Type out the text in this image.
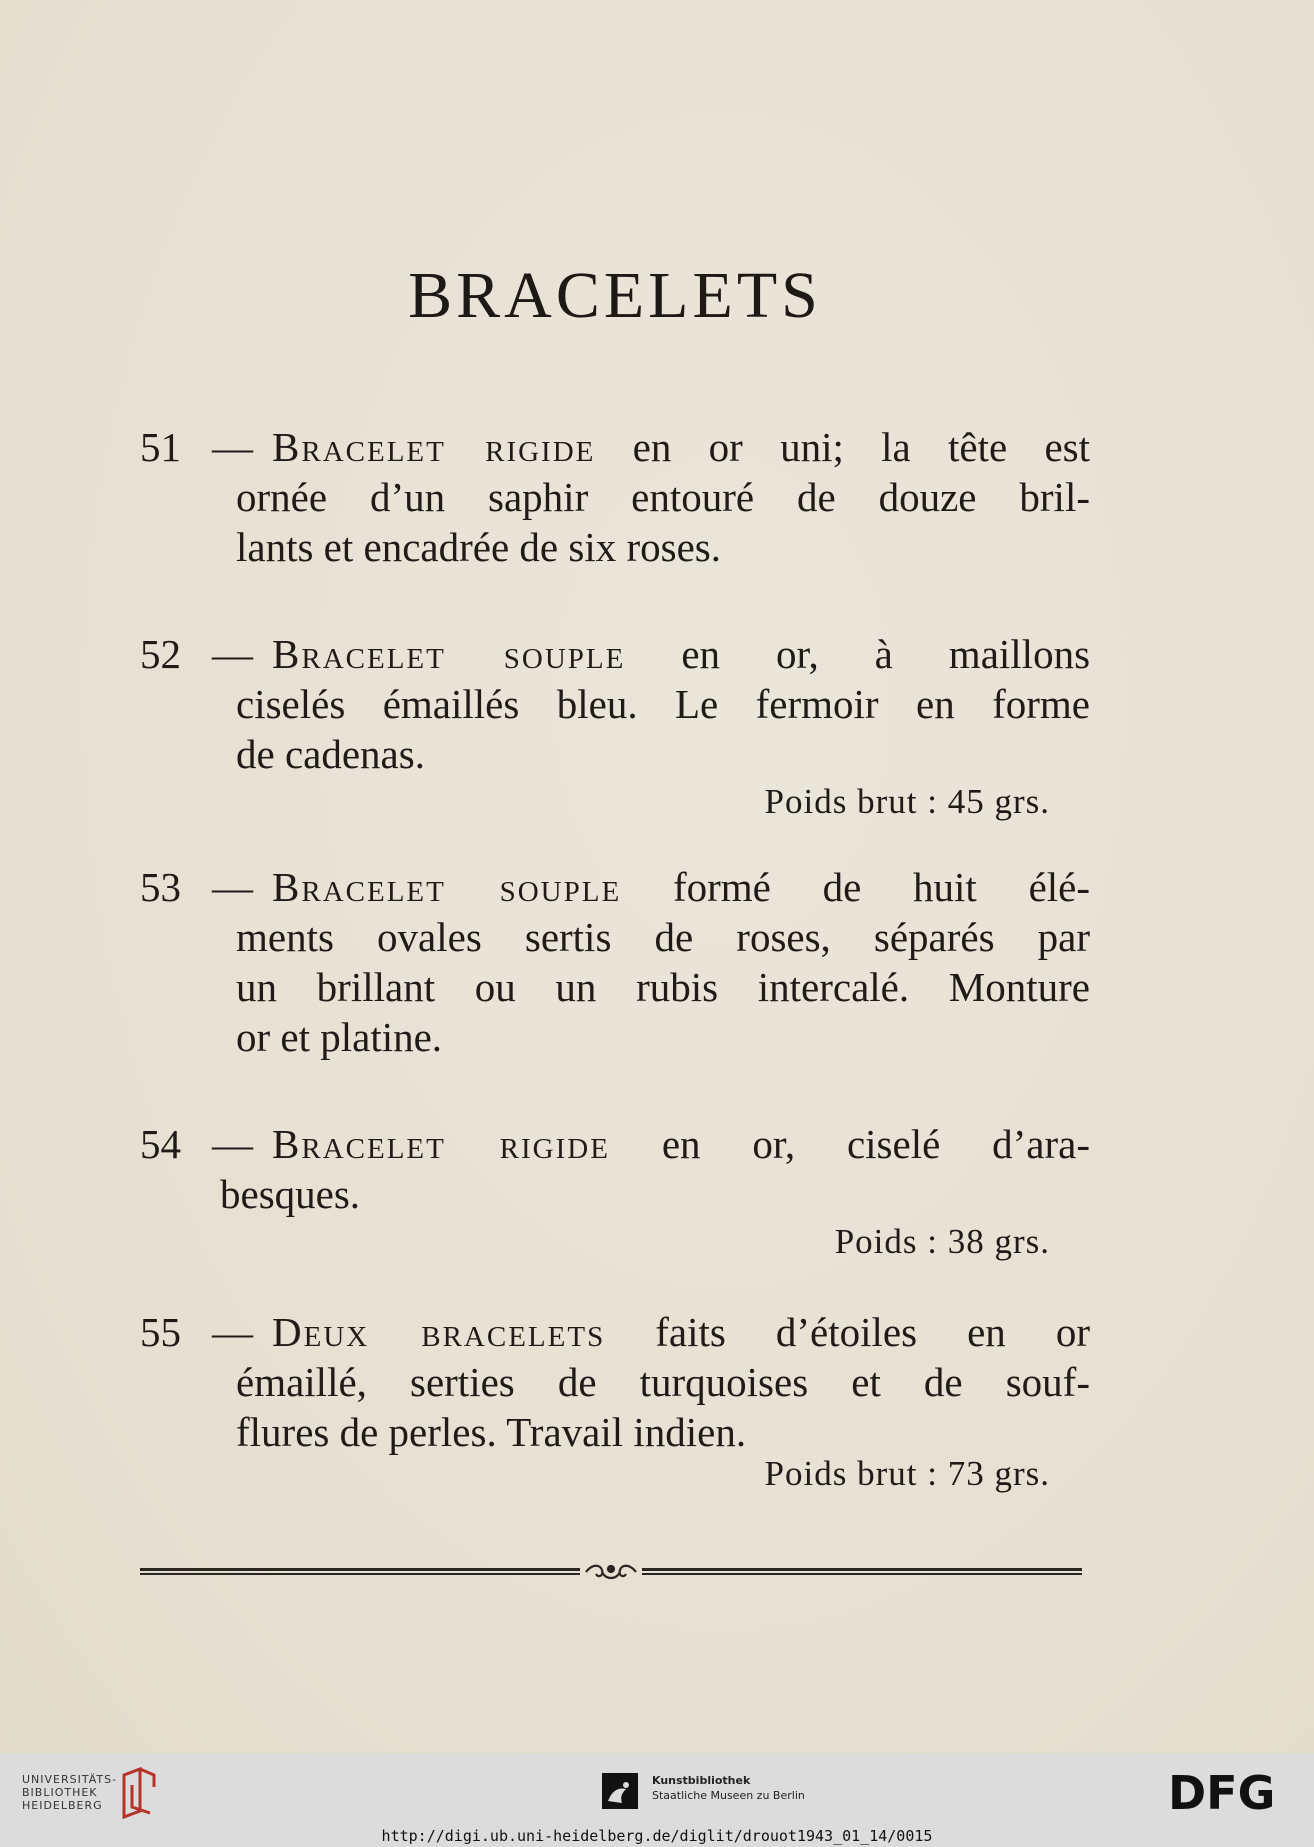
BRACELETS
51 — Bracelet rigide en or uni; la tête est
ornée d’un saphir entouré de douze bril-
lants et encadrée de six roses.
52 — Bracelet souple en or, à maillons
ciselés émaillés bleu. Le fermoir en forme
de cadenas.
Poids brut : 45 grs.
53 — Bracelet souple formé de huit élé-
ments ovales sertis de roses, séparés par
un brillant ou un rubis intercalé. Monture
or et platine.
54 — Bracelet rigide en or, ciselé d’ara-
besques.
Poids : 38 grs.
55 — Deux bracelets faits d’étoiles en or
émaillé, serties de turquoises et de souf-
flures de perles. Travail indien.
Poids brut : 73 grs.
UNIVERSITÄTS-
BIBLIOTHEK
HEIDELBERG
Kunstbibliothek
Staatliche Museen zu Berlin	DFG
http://digi.ub.uni-heidelberg.de/diglit/drouot1943_01_14/0015
